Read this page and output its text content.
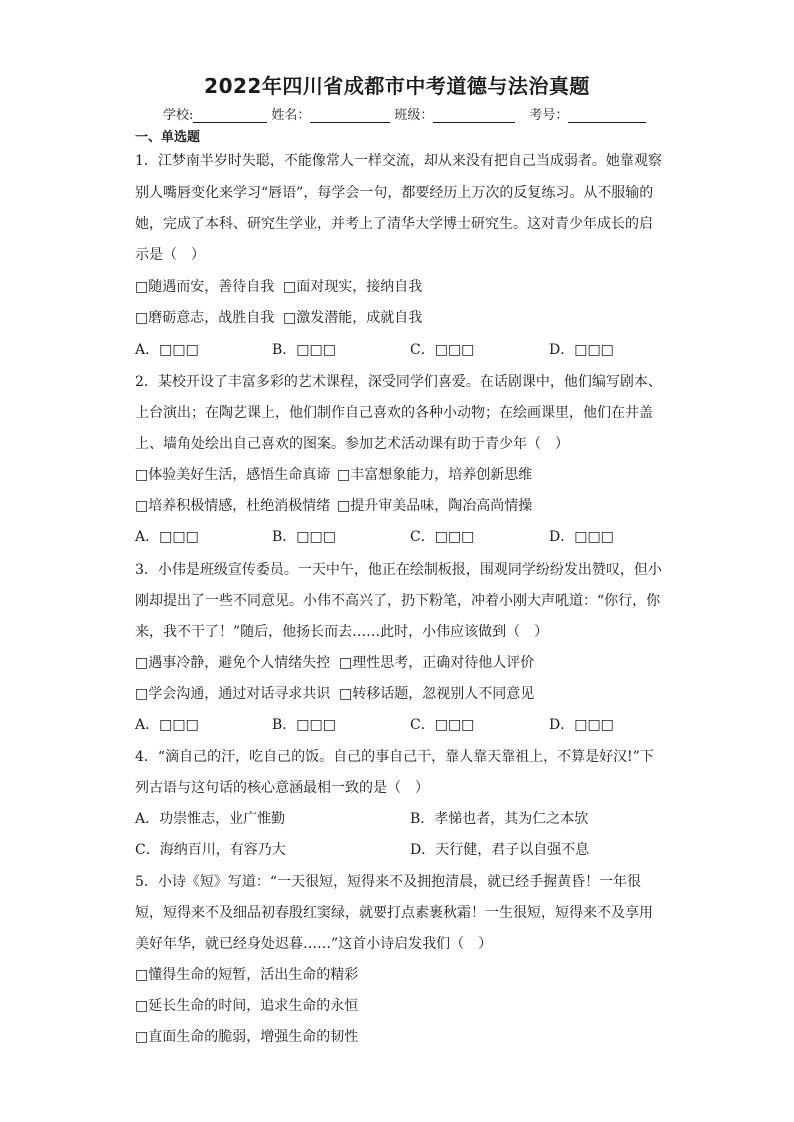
2022年四川省成都市中考道德与法治真题
学校:	姓名：	班级：	考号：
一、单选题
1．江梦南半岁时失聪，不能像常人一样交流，却从来没有把自己当成弱者。她靠观察
别人嘴唇变化来学习“唇语”，每学会一句，都要经历上万次的反复练习。从不服输的
她，完成了本科、研究生学业，并考上了清华大学博士研究生。这对青少年成长的启
示是（　）
□随遇而安，善待自我 □面对现实，接纳自我
□磨砺意志，战胜自我 □激发潜能，成就自我
A．□□□	B．□□□	C．□□□	D．□□□
2．某校开设了丰富多彩的艺术课程，深受同学们喜爱。在话剧课中，他们编写剧本、
上台演出；在陶艺课上，他们制作自己喜欢的各种小动物；在绘画课里，他们在井盖
上、墙角处绘出自己喜欢的图案。参加艺术活动课有助于青少年（　）
□体验美好生活，感悟生命真谛 □丰富想象能力，培养创新思维
□培养积极情感，杜绝消极情绪 □提升审美品味，陶冶高尚情操
A．□□□	B．□□□	C．□□□	D．□□□
3．小伟是班级宣传委员。一天中午，他正在绘制板报，围观同学纷纷发出赞叹，但小
刚却提出了一些不同意见。小伟不高兴了，扔下粉笔，冲着小刚大声吼道：“你行，你
来，我不干了！”随后，他扬长而去……此时，小伟应该做到（　）
□遇事冷静，避免个人情绪失控 □理性思考，正确对待他人评价
□学会沟通，通过对话寻求共识 □转移话题，忽视别人不同意见
A．□□□	B．□□□	C．□□□	D．□□□
4．“滴自己的汗，吃自己的饭。自己的事自己干，靠人靠天靠祖上，不算是好汉!”下
列古语与这句话的核心意涵最相一致的是（　）
A．功崇惟志，业广惟勤	B．孝悌也者，其为仁之本欤
C．海纳百川，有容乃大	D．天行健，君子以自强不息
5．小诗《短》写道：“一天很短，短得来不及拥抱清晨，就已经手握黄昏！一年很
短，短得来不及细品初春殷红窦绿，就要打点素裹秋霜！一生很短，短得来不及享用
美好年华，就已经身处迟暮……”这首小诗启发我们（　）
□懂得生命的短暂，活出生命的精彩
□延长生命的时间，追求生命的永恒
□直面生命的脆弱，增强生命的韧性
